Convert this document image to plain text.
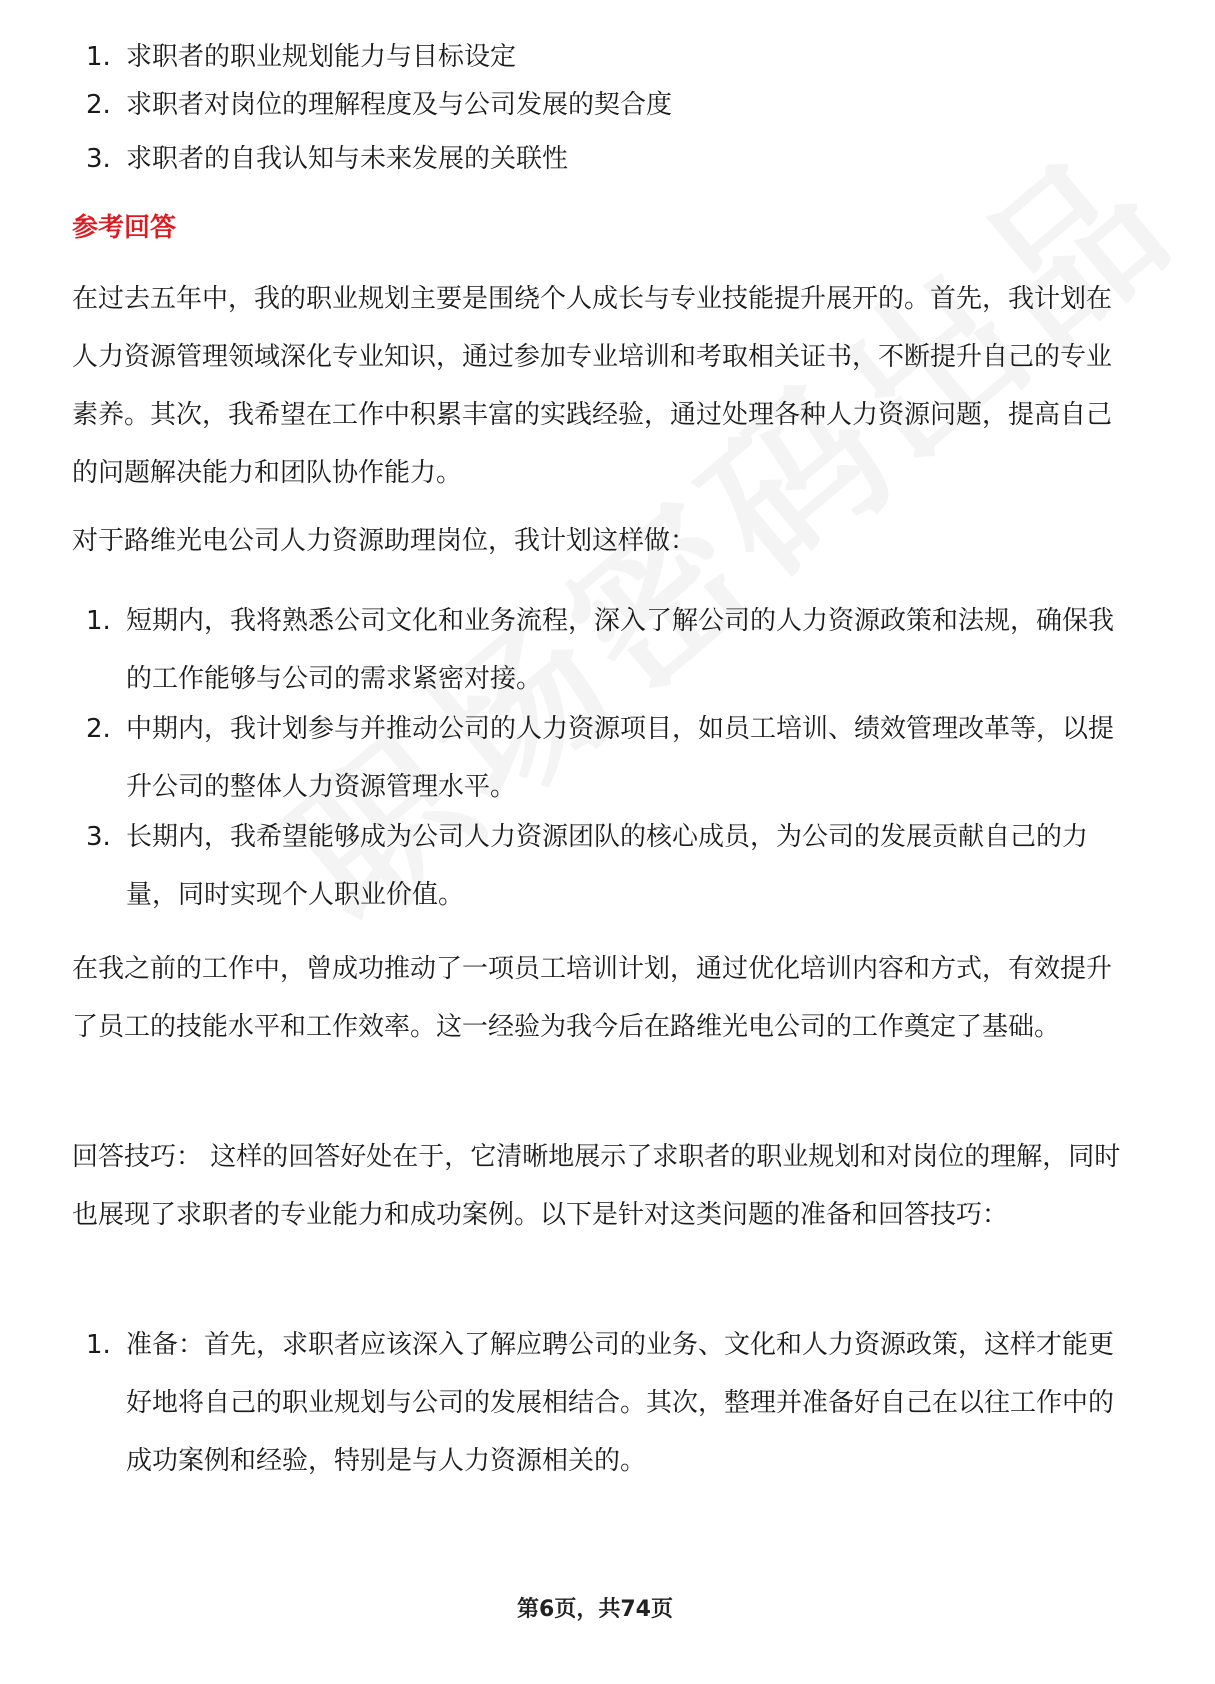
1. 求职者的职业规划能力与目标设定
2. 求职者对岗位的理解程度及与公司发展的契合度
3. 求职者的自我认知与未来发展的关联性
参考回答
在过去五年中，我的职业规划主要是围绕个人成长与专业技能提升展开的。首先，我计划在人力资源管理领域深化专业知识，通过参加专业培训和考取相关证书，不断提升自己的专业素养。其次，我希望在工作中积累丰富的实践经验，通过处理各种人力资源问题，提高自己的问题解决能力和团队协作能力。
对于路维光电公司人力资源助理岗位，我计划这样做：
1. 短期内，我将熟悉公司文化和业务流程，深入了解公司的人力资源政策和法规，确保我的工作能够与公司的需求紧密对接。
2. 中期内，我计划参与并推动公司的人力资源项目，如员工培训、绩效管理改革等，以提升公司的整体人力资源管理水平。
3. 长期内，我希望能够成为公司人力资源团队的核心成员，为公司的发展贡献自己的力量，同时实现个人职业价值。
在我之前的工作中，曾成功推动了一项员工培训计划，通过优化培训内容和方式，有效提升了员工的技能水平和工作效率。这一经验为我今后在路维光电公司的工作奠定了基础。
回答技巧： 这样的回答好处在于，它清晰地展示了求职者的职业规划和对岗位的理解，同时也展现了求职者的专业能力和成功案例。以下是针对这类问题的准备和回答技巧：
1. 准备：首先，求职者应该深入了解应聘公司的业务、文化和人力资源政策，这样才能更好地将自己的职业规划与公司的发展相结合。其次，整理并准备好自己在以往工作中的成功案例和经验，特别是与人力资源相关的。
第6页，共74页
